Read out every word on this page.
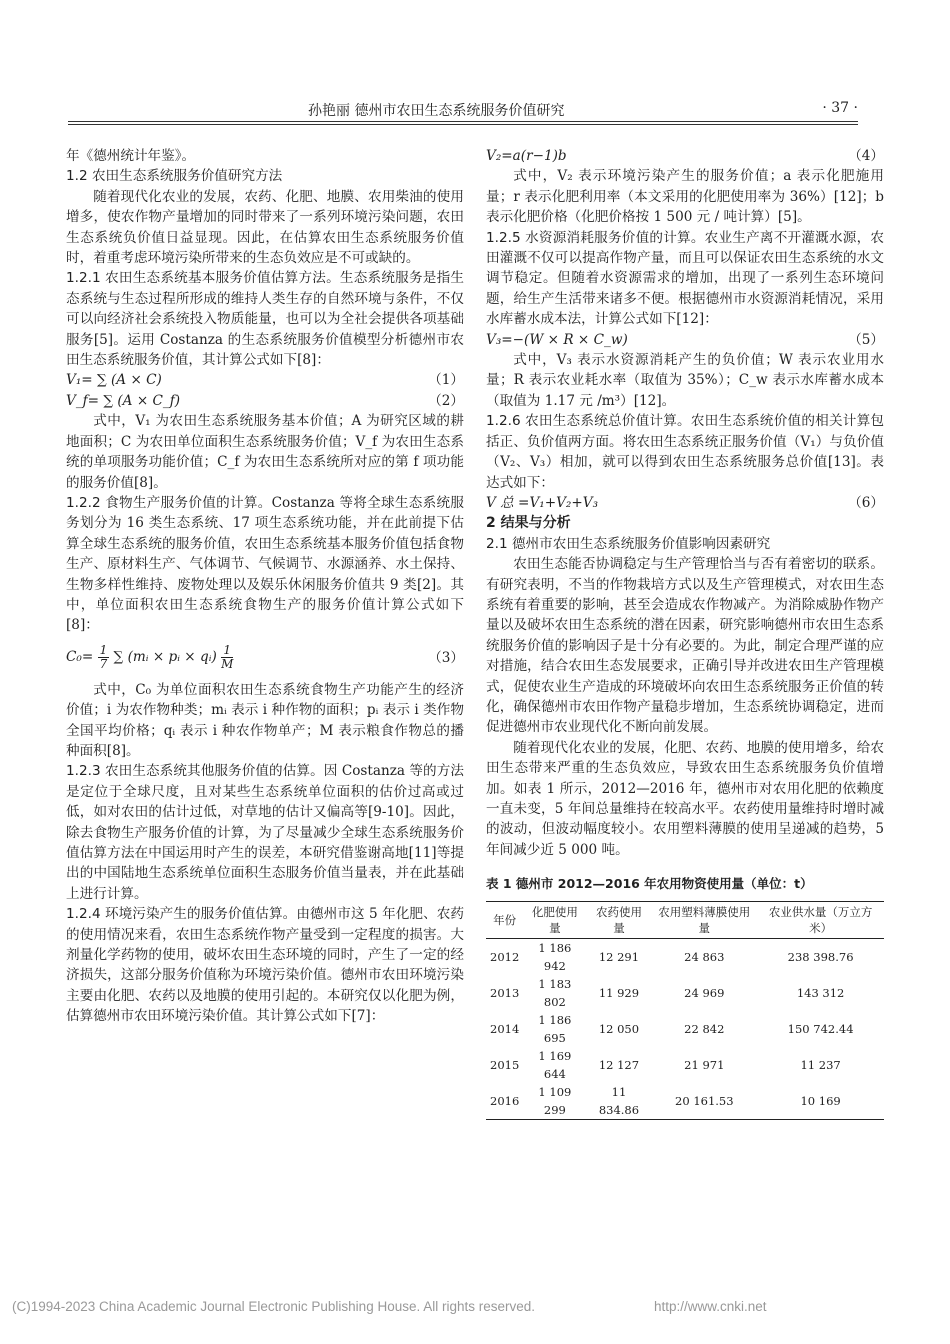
孙艳丽 德州市农田生态系统服务价值研究	· 37 ·

年《德州统计年鉴》。

1.2 农田生态系统服务价值研究方法

随着现代化农业的发展，农药、化肥、地膜、农用柴油的使用增多，使农作物产量增加的同时带来了一系列环境污染问题，农田生态系统负价值日益显现。因此，在估算农田生态系统服务价值时，着重考虑环境污染所带来的生态负效应是不可或缺的。

1.2.1 农田生态系统基本服务价值估算方法。生态系统服务是指生态系统与生态过程所形成的维持人类生存的自然环境与条件，不仅可以向经济社会系统投入物质能量，也可以为全社会提供各项基础服务[5]。运用 Costanza 的生态系统服务价值模型分析德州市农田生态系统服务价值，其计算公式如下[8]：

V₁= ∑ (A × C)	（1）

V_f= ∑ (A × C_f)	（2）

式中，V₁ 为农田生态系统服务基本价值；A 为研究区域的耕地面积；C 为农田单位面积生态系统服务价值；V_f 为农田生态系统的单项服务功能价值；C_f 为农田生态系统所对应的第 f 项功能的服务价值[8]。

1.2.2 食物生产服务价值的计算。Costanza 等将全球生态系统服务划分为 16 类生态系统、17 项生态系统功能，并在此前提下估算全球生态系统的服务价值，农田生态系统基本服务价值包括食物生产、原材料生产、气体调节、气候调节、水源涵养、水土保持、生物多样性维持、废物处理以及娱乐休闲服务价值共 9 类[2]。其中，单位面积农田生态系统食物生产的服务价值计算公式如下[8]：

$C_0= \frac{1}{7}$ ∑ (mᵢ × pᵢ × qᵢ) $\frac{1}{M}$	（3）

式中，C₀ 为单位面积农田生态系统食物生产功能产生的经济价值；i 为农作物种类；mᵢ 表示 i 种作物的面积；pᵢ 表示 i 类作物全国平均价格；qᵢ 表示 i 种农作物单产；M 表示粮食作物总的播种面积[8]。

1.2.3 农田生态系统其他服务价值的估算。因 Costanza 等的方法是定位于全球尺度，且对某些生态系统单位面积的估价过高或过低，如对农田的估计过低，对草地的估计又偏高等[9-10]。因此，除去食物生产服务价值的计算，为了尽量减少全球生态系统服务价值估算方法在中国运用时产生的误差，本研究借鉴谢高地[11]等提出的中国陆地生态系统单位面积生态服务价值当量表，并在此基础上进行计算。

1.2.4 环境污染产生的服务价值估算。由德州市这 5 年化肥、农药的使用情况来看，农田生态系统作物产量受到一定程度的损害。大剂量化学药物的使用，破坏农田生态环境的同时，产生了一定的经济损失，这部分服务价值称为环境污染价值。德州市农田环境污染主要由化肥、农药以及地膜的使用引起的。本研究仅以化肥为例，估算德州市农田环境污染价值。其计算公式如下[7]：

V₂=a(r−1)b	（4）

式中，V₂ 表示环境污染产生的服务价值；a 表示化肥施用量；r 表示化肥利用率（本文采用的化肥使用率为 36%）[12]；b 表示化肥价格（化肥价格按 1 500 元 / 吨计算）[5]。

1.2.5 水资源消耗服务价值的计算。农业生产离不开灌溉水源，农田灌溉不仅可以提高作物产量，而且可以保证农田生态系统的水文调节稳定。但随着水资源需求的增加，出现了一系列生态环境问题，给生产生活带来诸多不便。根据德州市水资源消耗情况，采用水库蓄水成本法，计算公式如下[12]：

V₃=−(W × R × C_w)	（5）

式中，V₃ 表示水资源消耗产生的负价值；W 表示农业用水量；R 表示农业耗水率（取值为 35%）；C_w 表示水库蓄水成本（取值为 1.17 元 /m³）[12]。

1.2.6 农田生态系统总价值计算。农田生态系统价值的相关计算包括正、负价值两方面。将农田生态系统正服务价值（V₁）与负价值（V₂、V₃）相加，就可以得到农田生态系统服务总价值[13]。表达式如下：

V 总 =V₁+V₂+V₃	（6）

2 结果与分析

2.1 德州市农田生态系统服务价值影响因素研究

农田生态能否协调稳定与生产管理恰当与否有着密切的联系。有研究表明，不当的作物栽培方式以及生产管理模式，对农田生态系统有着重要的影响，甚至会造成农作物减产。为消除威胁作物产量以及破坏农田生态系统的潜在因素，研究影响德州市农田生态系统服务价值的影响因子是十分有必要的。为此，制定合理严谨的应对措施，结合农田生态发展要求，正确引导并改进农田生产管理模式，促使农业生产造成的环境破坏向农田生态系统服务正价值的转化，确保德州市农田作物产量稳步增加，生态系统协调稳定，进而促进德州市农业现代化不断向前发展。

随着现代化农业的发展，化肥、农药、地膜的使用增多，给农田生态带来严重的生态负效应，导致农田生态系统服务负价值增加。如表 1 所示，2012—2016 年，德州市对农用化肥的依赖度一直未变，5 年间总量维持在较高水平。农药使用量维持时增时减的波动，但波动幅度较小。农用塑料薄膜的使用呈递减的趋势，5 年间减少近 5 000 吨。

表 1 德州市 2012—2016 年农用物资使用量（单位：t）
年份	化肥使用量	农药使用量	农用塑料薄膜使用量	农业供水量（万立方米）
2012	1 186 942	12 291	24 863	238 398.76
2013	1 183 802	11 929	24 969	143 312
2014	1 186 695	12 050	22 842	150 742.44
2015	1 169 644	12 127	21 971	11 237
2016	1 109 299	11 834.86	20 161.53	10 169
(C)1994-2023 China Academic Journal Electronic Publishing House. All rights reserved.	http://www.cnki.net
